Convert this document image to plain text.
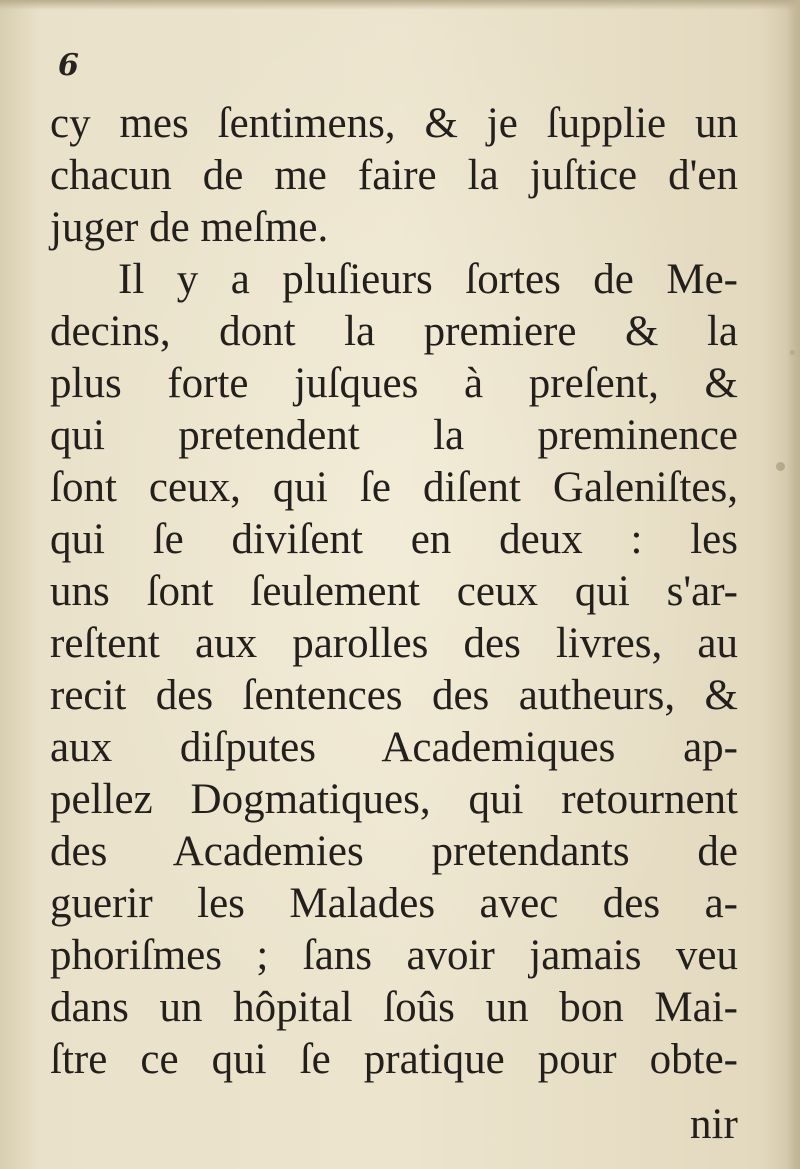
6
cy mes ſentimens, & je ſupplie un
chacun de me faire la juſtice d'en
juger de meſme.
Il y a pluſieurs ſortes de Me-
decins, dont la premiere & la
plus forte juſques à preſent, &
qui pretendent la preminence
ſont ceux, qui ſe diſent Galeniſtes,
qui ſe diviſent en deux : les
uns ſont ſeulement ceux qui s'ar-
reſtent aux parolles des livres, au
recit des ſentences des autheurs, &
aux diſputes Academiques ap-
pellez Dogmatiques, qui retournent
des Academies pretendants de
guerir les Malades avec des a-
phoriſmes ; ſans avoir jamais veu
dans un hôpital ſoûs un bon Mai-
ſtre ce qui ſe pratique pour obte-
nir
